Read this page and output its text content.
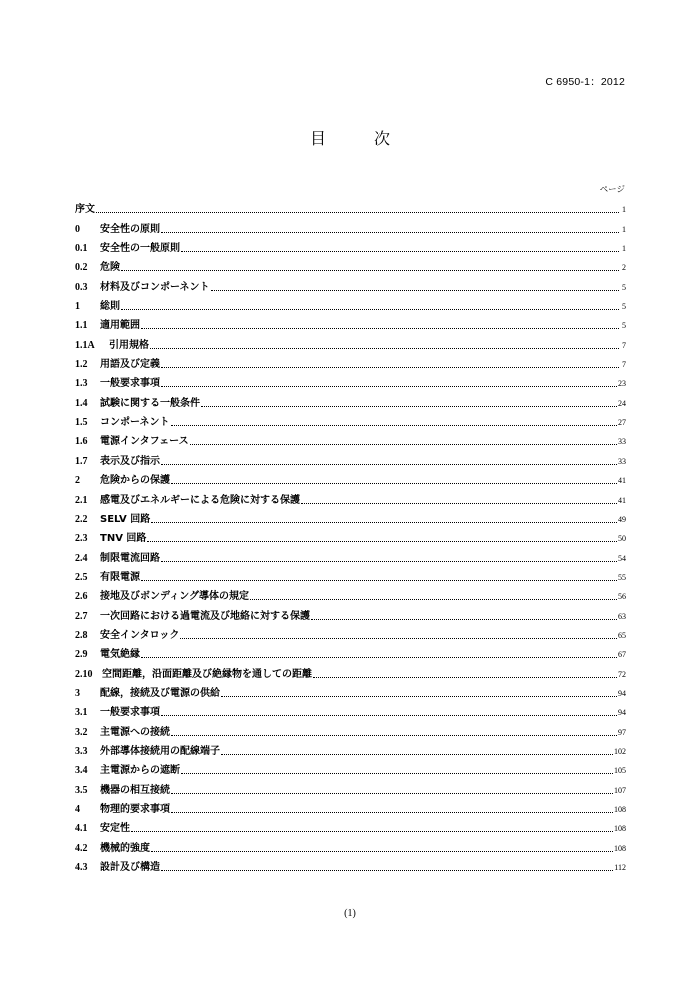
C 6950-1：2012
目　次
ページ
序文	1
0	安全性の原則	1
0.1	安全性の一般原則	1
0.2	危険	2
0.3	材料及びコンポーネント	5
1	総則	5
1.1	適用範囲	5
1.1A	引用規格	7
1.2	用語及び定義	7
1.3	一般要求事項	23
1.4	試験に関する一般条件	24
1.5	コンポーネント	27
1.6	電源インタフェース	33
1.7	表示及び指示	33
2	危険からの保護	41
2.1	感電及びエネルギーによる危険に対する保護	41
2.2	SELV 回路	49
2.3	TNV 回路	50
2.4	制限電流回路	54
2.5	有限電源	55
2.6	接地及びボンディング導体の規定	56
2.7	一次回路における過電流及び地絡に対する保護	63
2.8	安全インタロック	65
2.9	電気絶縁	67
2.10 空間距離，沿面距離及び絶縁物を通しての距離	72
3	配線，接続及び電源の供給	94
3.1	一般要求事項	94
3.2	主電源への接続	97
3.3	外部導体接続用の配線端子	102
3.4	主電源からの遮断	105
3.5	機器の相互接続	107
4	物理的要求事項	108
4.1	安定性	108
4.2	機械的強度	108
4.3	設計及び構造	112
(1)
